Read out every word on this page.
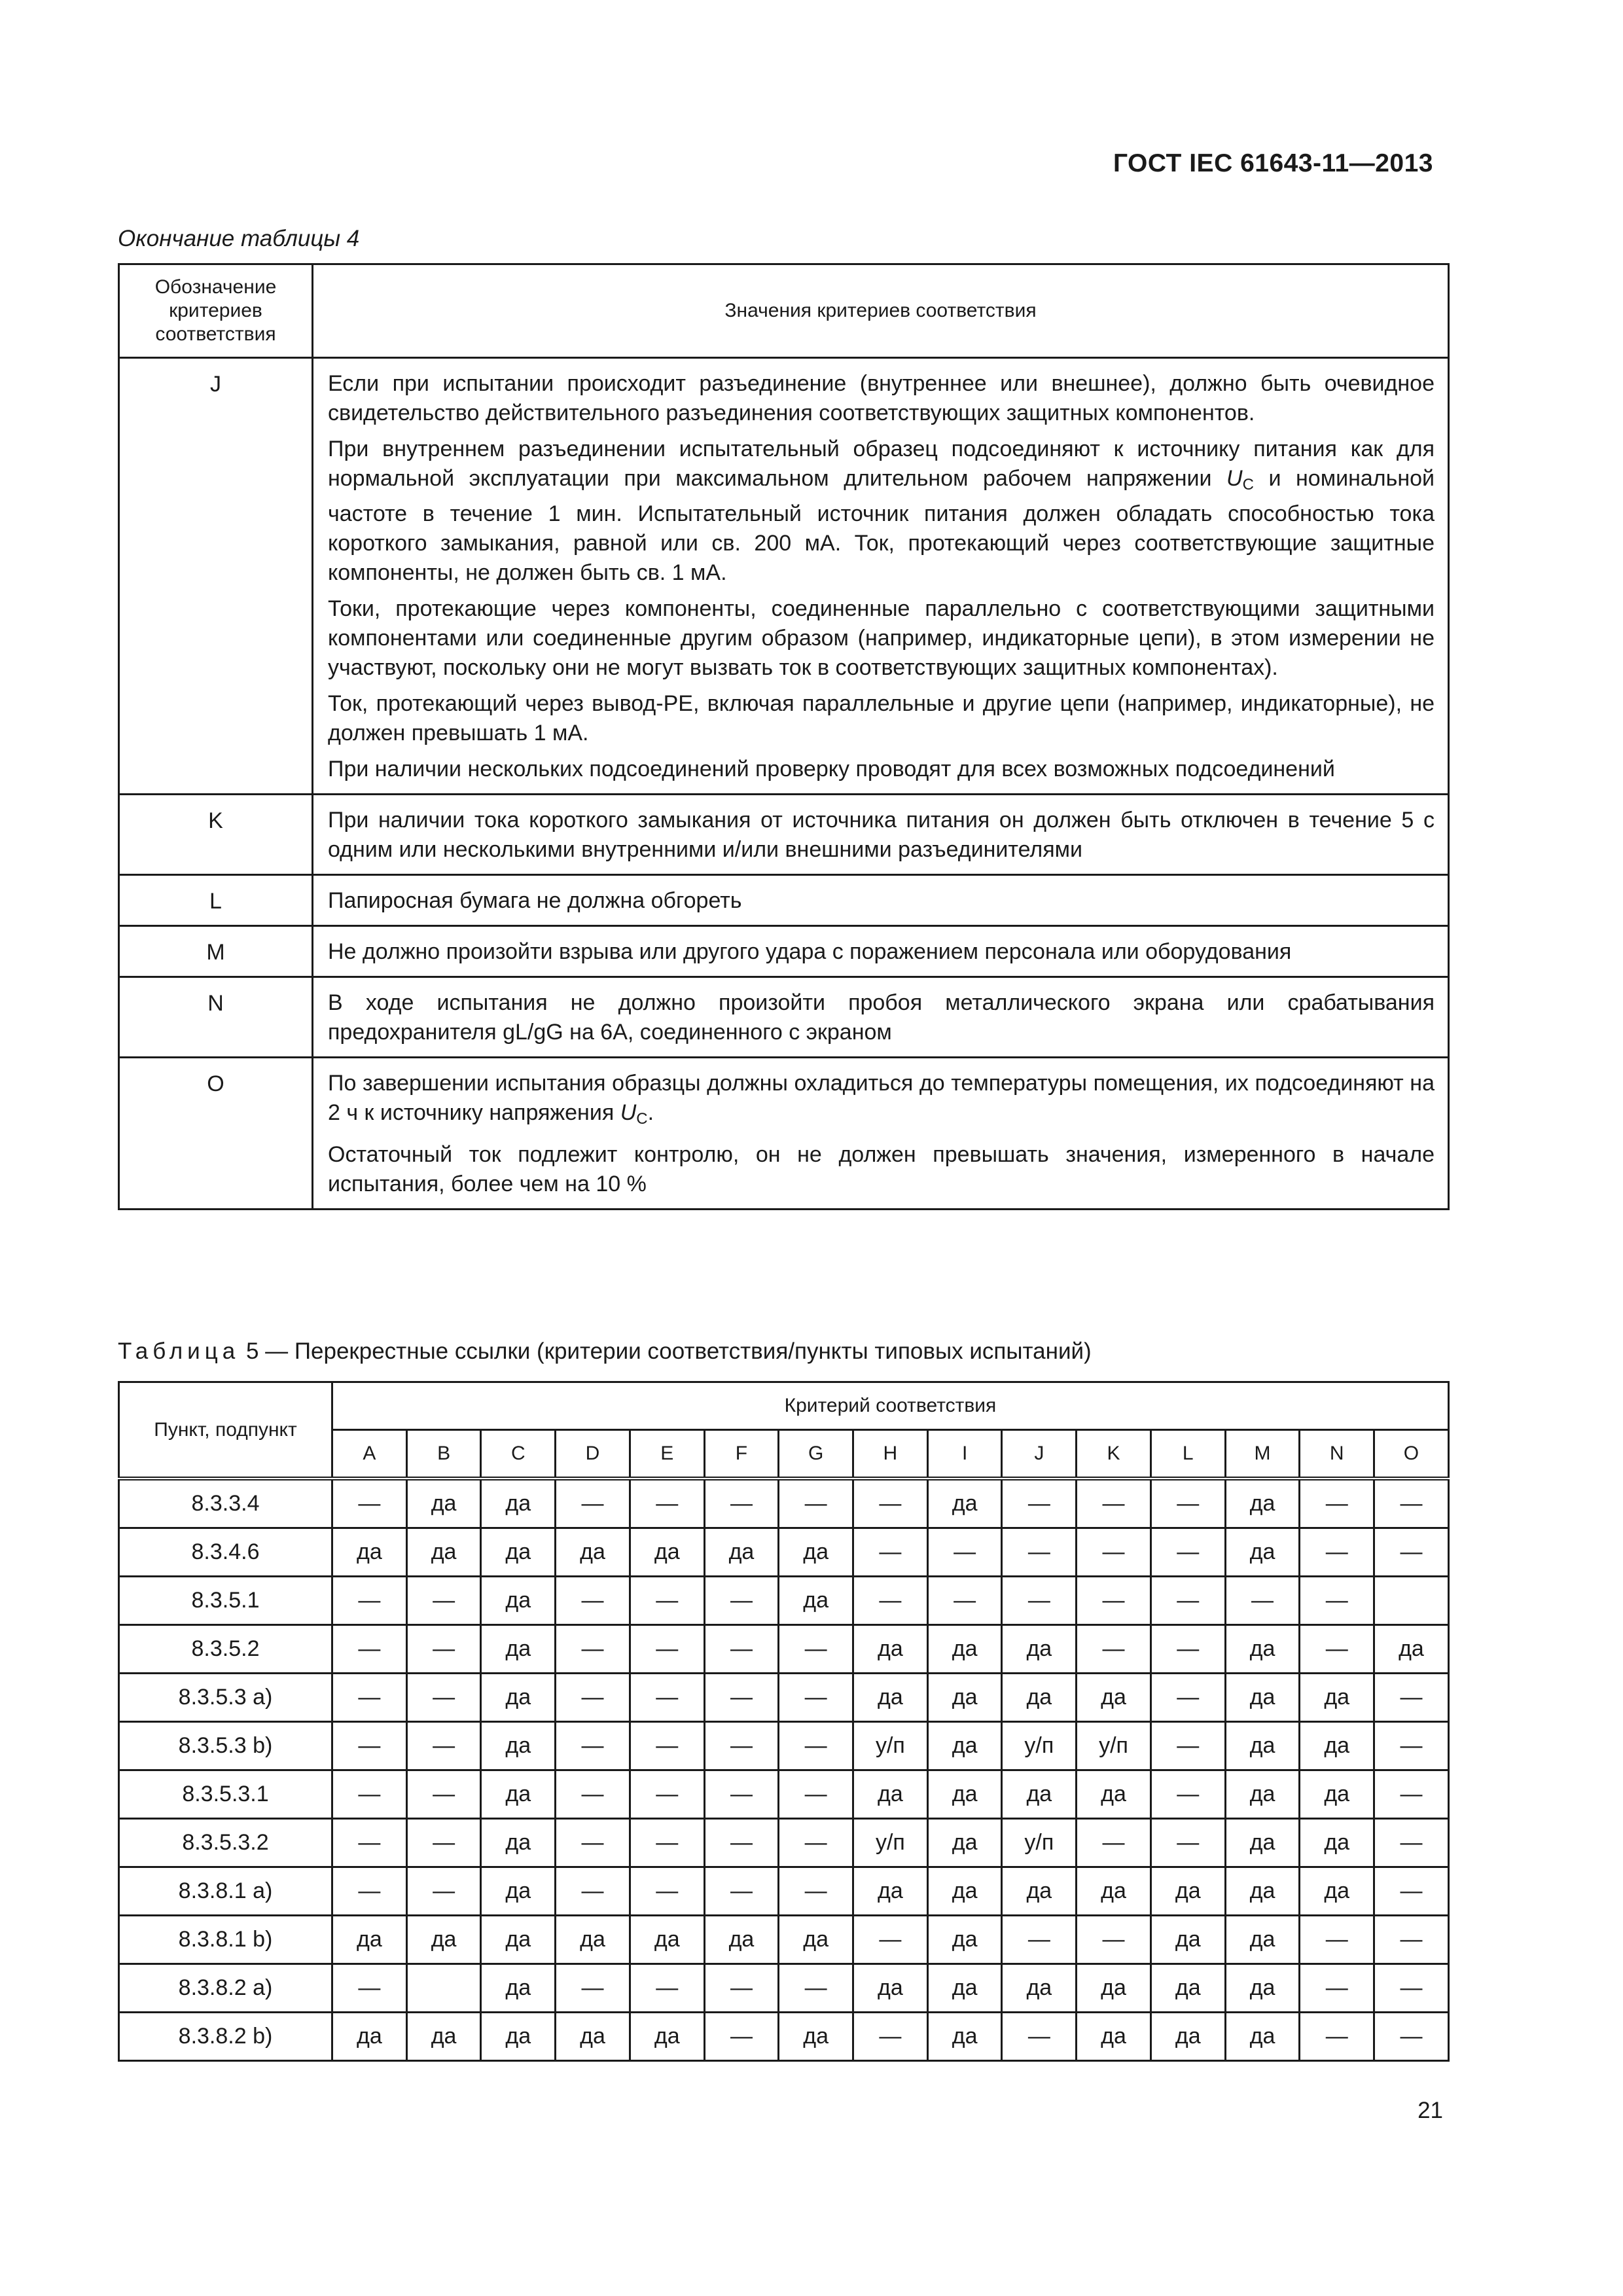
ГОСТ IEC 61643-11—2013
Окончание таблицы 4
Обозначение критериев соответствия	Значения критериев соответствия
J	Если при испытании происходит разъединение (внутреннее или внешнее), должно быть очевидное свидетельство действительного разъединения соответствующих защитных компонентов.

При внутреннем разъединении испытательный образец подсоединяют к источнику питания как для нормальной эксплуатации при максимальном длительном рабочем напряжении $U_C$ и номинальной частоте в течение 1 мин. Испытательный источник питания должен обладать способностью тока короткого замыкания, равной или св. 200 мА. Ток, протекающий через соответствующие защитные компоненты, не должен быть св. 1 мА.

Токи, протекающие через компоненты, соединенные параллельно с соответствующими защитными компонентами или соединенные другим образом (например, индикаторные цепи), в этом измерении не участвуют, поскольку они не могут вызвать ток в соответствующих защитных компонентах).

Ток, протекающий через вывод-PE, включая параллельные и другие цепи (например, индикаторные), не должен превышать 1 мА.

При наличии нескольких подсоединений проверку проводят для всех возможных подсоединений

K	При наличии тока короткого замыкания от источника питания он должен быть отключен в течение 5 с одним или несколькими внутренними и/или внешними разъединителями

L	Папиросная бумага не должна обгореть

M	Не должно произойти взрыва или другого удара с поражением персонала или оборудования

N	В ходе испытания не должно произойти пробоя металлического экрана или срабатывания предохранителя gL/gG на 6А, соединенного с экраном

O	По завершении испытания образцы должны охладиться до температуры помещения, их подсоединяют на 2 ч к источнику напряжения $U_C$.

Остаточный ток подлежит контролю, он не должен превышать значения, измеренного в начале испытания, более чем на 10 %

Таблица 5 — Перекрестные ссылки (критерии соответствия/пункты типовых испытаний)
Пункт, подпункт	Критерий соответствия														
	A	B	C	D	E	F	G	H	I	J	K	L	M	N	O
8.3.3.4	—	да	да	—	—	—	—	—	да	—	—	—	да	—	—
8.3.4.6	да	да	да	да	да	да	да	—	—	—	—	—	да	—	—
8.3.5.1	—	—	да	—	—	—	да	—	—	—	—	—	—	—	
8.3.5.2	—	—	да	—	—	—	—	да	да	да	—	—	да	—	да
8.3.5.3 a)	—	—	да	—	—	—	—	да	да	да	да	—	да	да	—
8.3.5.3 b)	—	—	да	—	—	—	—	у/п	да	у/п	у/п	—	да	да	—
8.3.5.3.1	—	—	да	—	—	—	—	да	да	да	да	—	да	да	—
8.3.5.3.2	—	—	да	—	—	—	—	у/п	да	у/п	—	—	да	да	—
8.3.8.1 a)	—	—	да	—	—	—	—	да	да	да	да	да	да	да	—
8.3.8.1 b)	да	да	да	да	да	да	да	—	да	—	—	да	да	—	—
8.3.8.2 a)	—		да	—	—	—	—	да	да	да	да	да	да	—	—
8.3.8.2 b)	да	да	да	да	да	—	да	—	да	—	да	да	да	—	—
21
